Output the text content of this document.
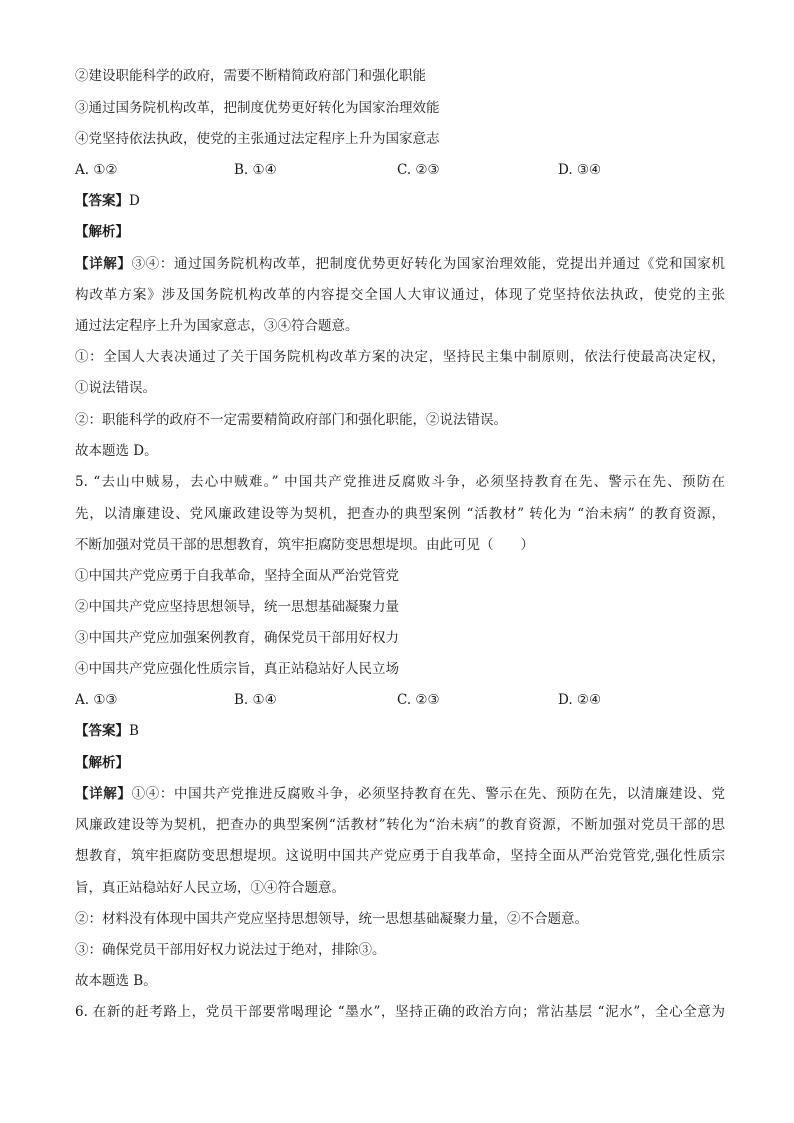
②建设职能科学的政府，需要不断精简政府部门和强化职能
③通过国务院机构改革，把制度优势更好转化为国家治理效能
④党坚持依法执政，使党的主张通过法定程序上升为国家意志
A. ①②	B. ①④	C. ②③	D. ③④
【答案】D
【解析】
【详解】③④：通过国务院机构改革，把制度优势更好转化为国家治理效能，党提出并通过《党和国家机
构改革方案》涉及国务院机构改革的内容提交全国人大审议通过，体现了党坚持依法执政，使党的主张
通过法定程序上升为国家意志，③④符合题意。
①：全国人大表决通过了关于国务院机构改革方案的决定，坚持民主集中制原则，依法行使最高决定权，
①说法错误。
②：职能科学的政府不一定需要精简政府部门和强化职能，②说法错误。
故本题选 D。
5. “去山中贼易，去心中贼难。” 中国共产党推进反腐败斗争，必须坚持教育在先、警示在先、预防在
先，以清廉建设、党风廉政建设等为契机，把查办的典型案例 “活教材” 转化为 “治未病” 的教育资源，
不断加强对党员干部的思想教育，筑牢拒腐防变思想堤坝。由此可见（　　）
①中国共产党应勇于自我革命，坚持全面从严治党管党
②中国共产党应坚持思想领导，统一思想基础凝聚力量
③中国共产党应加强案例教育，确保党员干部用好权力
④中国共产党应强化性质宗旨，真正站稳站好人民立场
A. ①③	B. ①④	C. ②③	D. ②④
【答案】B
【解析】
【详解】①④：中国共产党推进反腐败斗争，必须坚持教育在先、警示在先、预防在先，以清廉建设、党
风廉政建设等为契机，把查办的典型案例“活教材”转化为“治未病”的教育资源，不断加强对党员干部的思
想教育，筑牢拒腐防变思想堤坝。这说明中国共产党应勇于自我革命，坚持全面从严治党管党,强化性质宗
旨，真正站稳站好人民立场，①④符合题意。
②：材料没有体现中国共产党应坚持思想领导，统一思想基础凝聚力量，②不合题意。
③：确保党员干部用好权力说法过于绝对，排除③。
故本题选 B。
6. 在新的赶考路上，党员干部要常喝理论 “墨水”，坚持正确的政治方向；常沾基层 “泥水”，全心全意为
